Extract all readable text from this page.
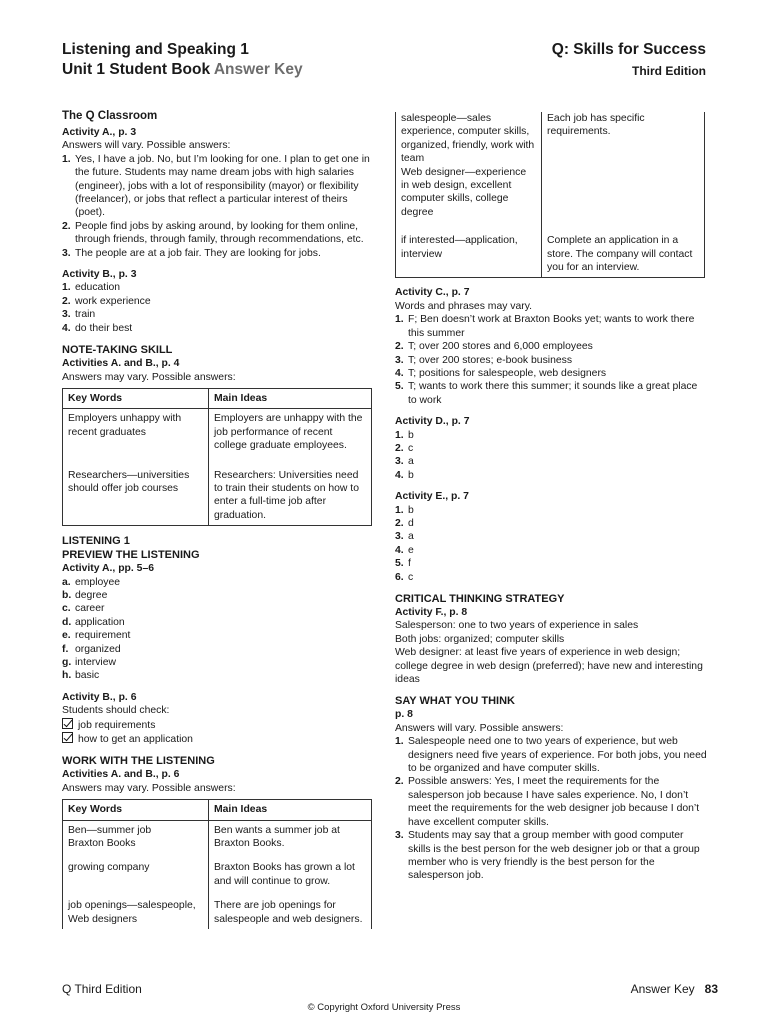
Listening and Speaking 1
Unit 1 Student Book Answer Key
Q: Skills for Success
Third Edition

The Q Classroom

Activity A., p. 3

Answers will vary. Possible answers:

1. Yes, I have a job. No, but I’m looking for one. I plan to get one in the future. Students may name dream jobs with high salaries (engineer), jobs with a lot of responsibility (mayor) or flexibility (freelancer), or jobs that reflect a particular interest of theirs (poet).
2. People find jobs by asking around, by looking for them online, through friends, through family, through recommendations, etc.
3. The people are at a job fair. They are looking for jobs.

Activity B., p. 3

1. education
2. work experience
3. train
4. do their best

NOTE-TAKING SKILL

Activities A. and B., p. 4

Answers may vary. Possible answers:

Key Words	Main Ideas
Employers unhappy with recent graduates	Employers are unhappy with the job performance of recent college graduate employees.
Researchers—universities should offer job courses	Researchers: Universities need to train their students on how to enter a full-time job after graduation.

LISTENING 1

PREVIEW THE LISTENING

Activity A., pp. 5–6

a. employee
b. degree
c. career
d. application
e. requirement
f. organized
g. interview
h. basic

Activity B., p. 6

Students should check:

job requirements

how to get an application

WORK WITH THE LISTENING

Activities A. and B., p. 6

Answers may vary. Possible answers:

Key Words	Main Ideas
Ben—summer job
Braxton Books	Ben wants a summer job at Braxton Books.
growing company	Braxton Books has grown a lot and will continue to grow.
job openings—salespeople, Web designers	There are job openings for salespeople and web designers.
salespeople—sales experience, computer skills, organized, friendly, work with team
Web designer—experience in web design, excellent computer skills, college degree	Each job has specific requirements.
if interested—application, interview	Complete an application in a store. The company will contact you for an interview.

Activity C., p. 7

Words and phrases may vary.

1. F; Ben doesn’t work at Braxton Books yet; wants to work there this summer
2. T; over 200 stores and 6,000 employees
3. T; over 200 stores; e-book business
4. T; positions for salespeople, web designers
5. T; wants to work there this summer; it sounds like a great place to work

Activity D., p. 7

1. b
2. c
3. a
4. b

Activity E., p. 7

1. b
2. d
3. a
4. e
5. f
6. c

CRITICAL THINKING STRATEGY

Activity F., p. 8

Salesperson: one to two years of experience in sales

Both jobs: organized; computer skills

Web designer: at least five years of experience in web design; college degree in web design (preferred); have new and interesting ideas

SAY WHAT YOU THINK

p. 8

Answers will vary. Possible answers:

1. Salespeople need one to two years of experience, but web designers need five years of experience. For both jobs, you need to be organized and have computer skills.
2. Possible answers: Yes, I meet the requirements for the salesperson job because I have sales experience. No, I don’t meet the requirements for the web designer job because I don’t have excellent computer skills.
3. Students may say that a group member with good computer skills is the best person for the web designer job or that a group member who is very friendly is the best person for the salesperson job.
Q Third Edition	Answer Key 83
© Copyright Oxford University Press
